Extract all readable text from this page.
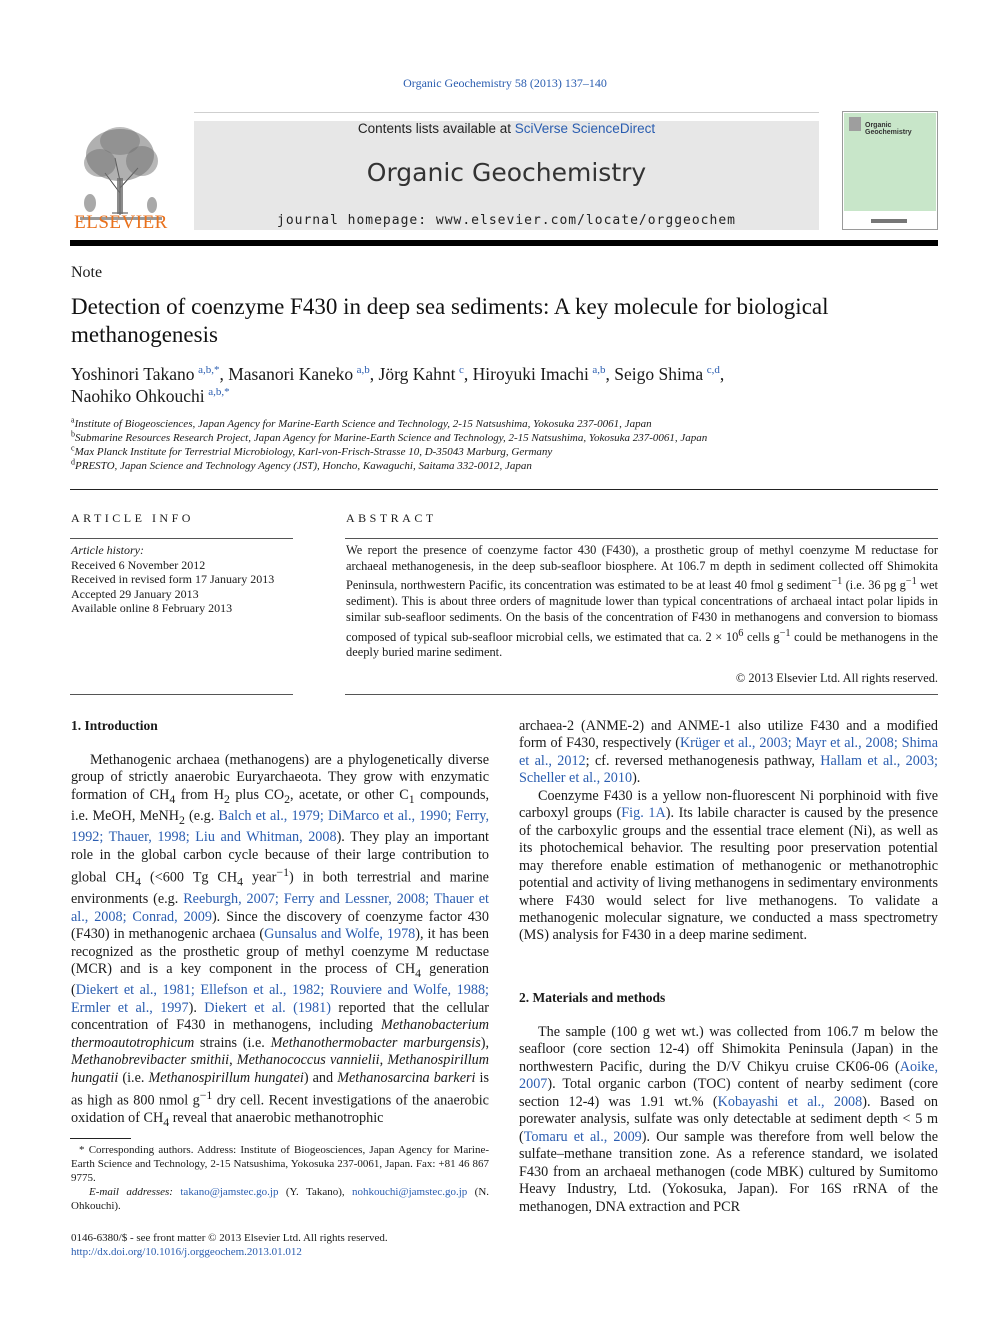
Organic Geochemistry 58 (2013) 137–140
ELSEVIER
Contents lists available at SciVerse ScienceDirect
Organic Geochemistry
journal homepage: www.elsevier.com/locate/orggeochem
Organic Geochemistry
Note
Detection of coenzyme F430 in deep sea sediments: A key molecule for biological methanogenesis
Yoshinori Takano  $^{a,b,*}$, Masanori Kaneko  $^{a,b}$, Jörg Kahnt  $^c$, Hiroyuki Imachi  $^{a,b}$, Seigo Shima  $^{c,d}$,
Naohiko Ohkouchi  $^{a,b,*}$
$^a$Institute of Biogeosciences, Japan Agency for Marine-Earth Science and Technology, 2-15 Natsushima, Yokosuka 237-0061, Japan
$^b$Submarine Resources Research Project, Japan Agency for Marine-Earth Science and Technology, 2-15 Natsushima, Yokosuka 237-0061, Japan
$^c$Max Planck Institute for Terrestrial Microbiology, Karl-von-Frisch-Strasse 10, D-35043 Marburg, Germany
$^d$PRESTO, Japan Science and Technology Agency (JST), Honcho, Kawaguchi, Saitama 332-0012, Japan
ARTICLE INFO	ABSTRACT
Article history:
Received 6 November 2012
Received in revised form 17 January 2013
Accepted 29 January 2013
Available online 8 February 2013
We report the presence of coenzyme factor 430 (F430), a prosthetic group of methyl coenzyme M reductase for archaeal methanogenesis, in the deep sub-seafloor biosphere. At 106.7 m depth in sediment collected off Shimokita Peninsula, northwestern Pacific, its concentration was estimated to be at least 40 fmol g sediment$^{-1}$ (i.e. 36 pg $g^{-1}$ wet sediment). This is about three orders of magnitude lower than typical concentrations of archaeal intact polar lipids in similar sub-seafloor sediments. On the basis of the concentration of F430 in methanogens and conversion to biomass composed of typical sub-seafloor microbial cells, we estimated that ca. $2 \times 10^6$ cells $g^{-1}$ could be methanogens in the deeply buried marine sediment.
© 2013 Elsevier Ltd. All rights reserved.
1. Introduction

Methanogenic archaea (methanogens) are a phylogenetically diverse group of strictly anaerobic Euryarchaeota. They grow with enzymatic formation of $CH_4$ from $H_2$ plus $CO_2$, acetate, or other $C_1$ compounds, i.e. MeOH, MeNH$_2$ (e.g. Balch et al., 1979; DiMarco et al., 1990; Ferry, 1992; Thauer, 1998; Liu and Whitman, 2008). They play an important role in the global carbon cycle because of their large contribution to global $CH_4$ (<600 Tg $CH_4$ year$^{-1}$) in both terrestrial and marine environments (e.g. Reeburgh, 2007; Ferry and Lessner, 2008; Thauer et al., 2008; Conrad, 2009). Since the discovery of coenzyme factor 430 (F430) in methanogenic archaea (Gunsalus and Wolfe, 1978), it has been recognized as the prosthetic group of methyl coenzyme M reductase (MCR) and is a key component in the process of $CH_4$ generation (Diekert et al., 1981; Ellefson et al., 1982; Rouviere and Wolfe, 1988; Ermler et al., 1997). Diekert et al. (1981) reported that the cellular concentration of F430 in methanogens, including Methanobacterium thermoautotrophicum strains (i.e. Methanothermobacter marburgensis), Methanobrevibacter smithii, Methanococcus vannielii, Methanospirillum hungatii (i.e. Methanospirillum hungatei) and Methanosarcina barkeri is as high as 800 nmol $g^{-1}$ dry cell. Recent investigations of the anaerobic oxidation of $CH_4$ reveal that anaerobic methanotrophic

archaea-2 (ANME-2) and ANME-1 also utilize F430 and a modified form of F430, respectively (Krüger et al., 2003; Mayr et al., 2008; Shima et al., 2012; cf. reversed methanogenesis pathway, Hallam et al., 2003; Scheller et al., 2010).

Coenzyme F430 is a yellow non-fluorescent Ni porphinoid with five carboxyl groups (Fig. 1A). Its labile character is caused by the presence of the carboxylic groups and the essential trace element (Ni), as well as its photochemical behavior. The resulting poor preservation potential may therefore enable estimation of methanogenic or methanotrophic potential and activity of living methanogens in sedimentary environments where F430 would select for live methanogens. To validate a methanogenic molecular signature, we conducted a mass spectrometry (MS) analysis for F430 in a deep marine sediment.

2. Materials and methods

The sample (100 g wet wt.) was collected from 106.7 m below the seafloor (core section 12-4) off Shimokita Peninsula (Japan) in the northwestern Pacific, during the D/V Chikyu cruise CK06-06 (Aoike, 2007). Total organic carbon (TOC) content of nearby sediment (core section 12-4) was 1.91 wt.% (Kobayashi et al., 2008). Based on porewater analysis, sulfate was only detectable at sediment depth < 5 m (Tomaru et al., 2009). Our sample was therefore from well below the sulfate–methane transition zone. As a reference standard, we isolated F430 from an archaeal methanogen (code MBK) cultured by Sumitomo Heavy Industry, Ltd. (Yokosuka, Japan). For 16S rRNA of the methanogen, DNA extraction and PCR

* Corresponding authors. Address: Institute of Biogeosciences, Japan Agency for Marine-Earth Science and Technology, 2-15 Natsushima, Yokosuka 237-0061, Japan. Fax: +81 46 867 9775.
E-mail addresses: takano@jamstec.go.jp (Y. Takano), nohkouchi@jamstec.go.jp (N. Ohkouchi).
0146-6380/$ - see front matter © 2013 Elsevier Ltd. All rights reserved.
http://dx.doi.org/10.1016/j.orggeochem.2013.01.012
